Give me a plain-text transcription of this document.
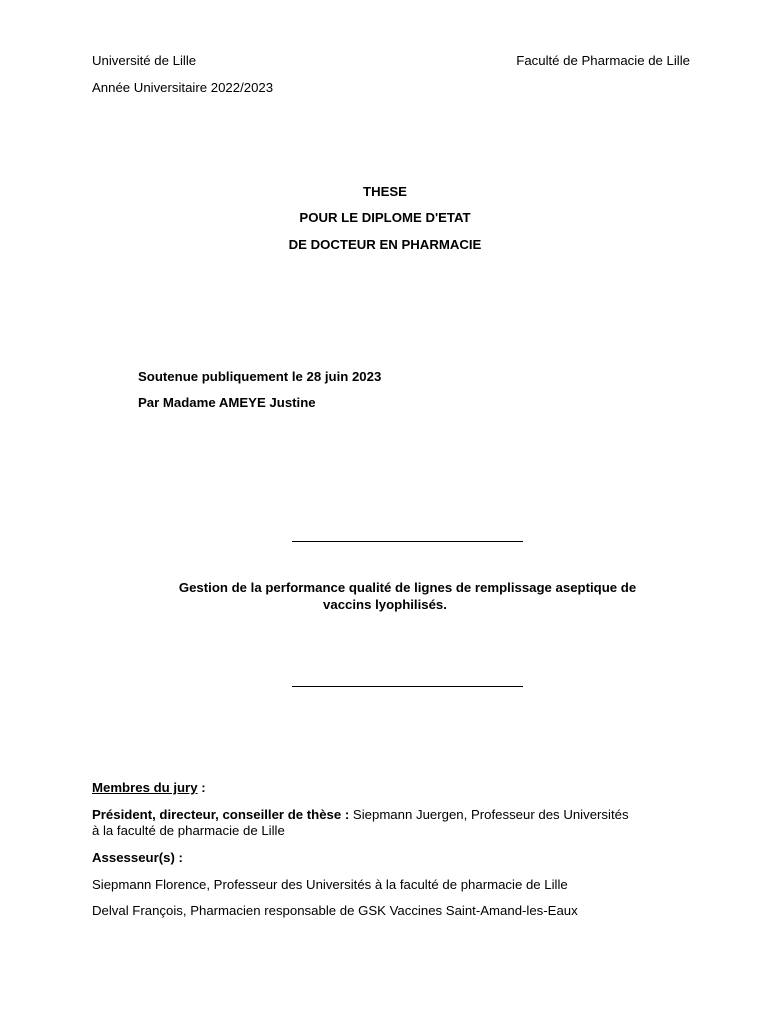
Université de Lille	Faculté de Pharmacie de Lille
Année Universitaire 2022/2023
THESE
POUR LE DIPLOME D'ETAT
DE DOCTEUR EN PHARMACIE
Soutenue publiquement le 28 juin 2023
Par Madame AMEYE Justine
Gestion de la performance qualité de lignes de remplissage aseptique de
vaccins lyophilisés.
Membres du jury :
Président, directeur, conseiller de thèse : Siepmann Juergen, Professeur des Universités
à la faculté de pharmacie de Lille
Assesseur(s) :
Siepmann Florence, Professeur des Universités à la faculté de pharmacie de Lille
Delval François, Pharmacien responsable de GSK Vaccines Saint-Amand-les-Eaux
